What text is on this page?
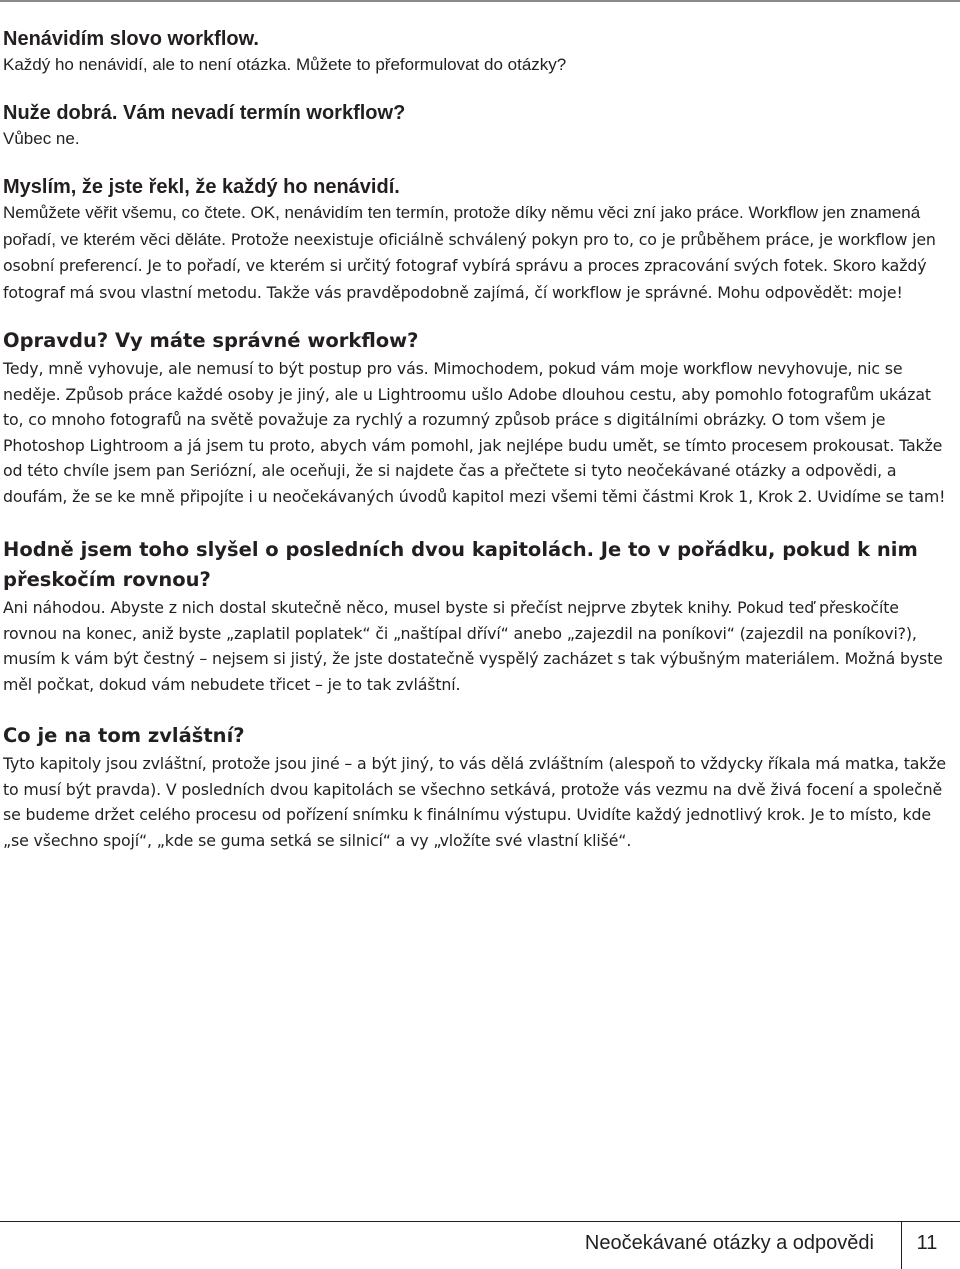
Nenávidím slovo workflow.

Každý ho nenávidí, ale to není otázka. Můžete to přeformulovat do otázky?

Nuže dobrá. Vám nevadí termín workflow?

Vůbec ne.

Myslím, že jste řekl, že každý ho nenávidí.

Nemůžete věřit všemu, co čtete. OK, nenávidím ten termín, protože díky němu věci zní jako práce. Workflow jen znamená pořadí, ve kterém věci děláte. Protože neexistuje oficiálně schválený pokyn pro to, co je průběhem práce, je workflow jen osobní preferencí. Je to pořadí, ve kterém si určitý fotograf vybírá správu a proces zpracování svých fotek. Skoro každý fotograf má svou vlastní metodu. Takže vás pravděpodobně zajímá, čí workflow je správné. Mohu odpovědět: moje!

Opravdu? Vy máte správné workflow?

Tedy, mně vyhovuje, ale nemusí to být postup pro vás. Mimochodem, pokud vám moje workflow nevyhovuje, nic se neděje. Způsob práce každé osoby je jiný, ale u Lightroomu ušlo Adobe dlouhou cestu, aby pomohlo fotografům ukázat to, co mnoho fotografů na světě považuje za rychlý a rozumný způsob práce s digitálními obrázky. O tom všem je Photoshop Lightroom a já jsem tu proto, abych vám pomohl, jak nejlépe budu umět, se tímto procesem prokousat. Takže od této chvíle jsem pan Seriózní, ale oceňuji, že si najdete čas a přečtete si tyto neočekávané otázky a odpovědi, a doufám, že se ke mně připojíte i u neočekávaných úvodů kapitol mezi všemi těmi částmi Krok 1, Krok 2. Uvidíme se tam!

Hodně jsem toho slyšel o posledních dvou kapitolách. Je to v pořádku, pokud k nim přeskočím rovnou?

Ani náhodou. Abyste z nich dostal skutečně něco, musel byste si přečíst nejprve zbytek knihy. Pokud teď přeskočíte rovnou na konec, aniž byste „zaplatil poplatek“ či „naštípal dříví“ anebo „zajezdil na poníkovi“ (zajezdil na poníkovi?), musím k vám být čestný – nejsem si jistý, že jste dostatečně vyspělý zacházet s tak výbušným materiálem. Možná byste měl počkat, dokud vám nebudete třicet – je to tak zvláštní.

Co je na tom zvláštní?

Tyto kapitoly jsou zvláštní, protože jsou jiné – a být jiný, to vás dělá zvláštním (alespoň to vždycky říkala má matka, takže to musí být pravda). V posledních dvou kapitolách se všechno setkává, protože vás vezmu na dvě živá focení a společně se budeme držet celého procesu od pořízení snímku k finálnímu výstupu. Uvidíte každý jednotlivý krok. Je to místo, kde „se všechno spojí“, „kde se guma setká se silnicí“ a vy „vložíte své vlastní klišé“.

Neočekávané otázky a odpovědi	11
